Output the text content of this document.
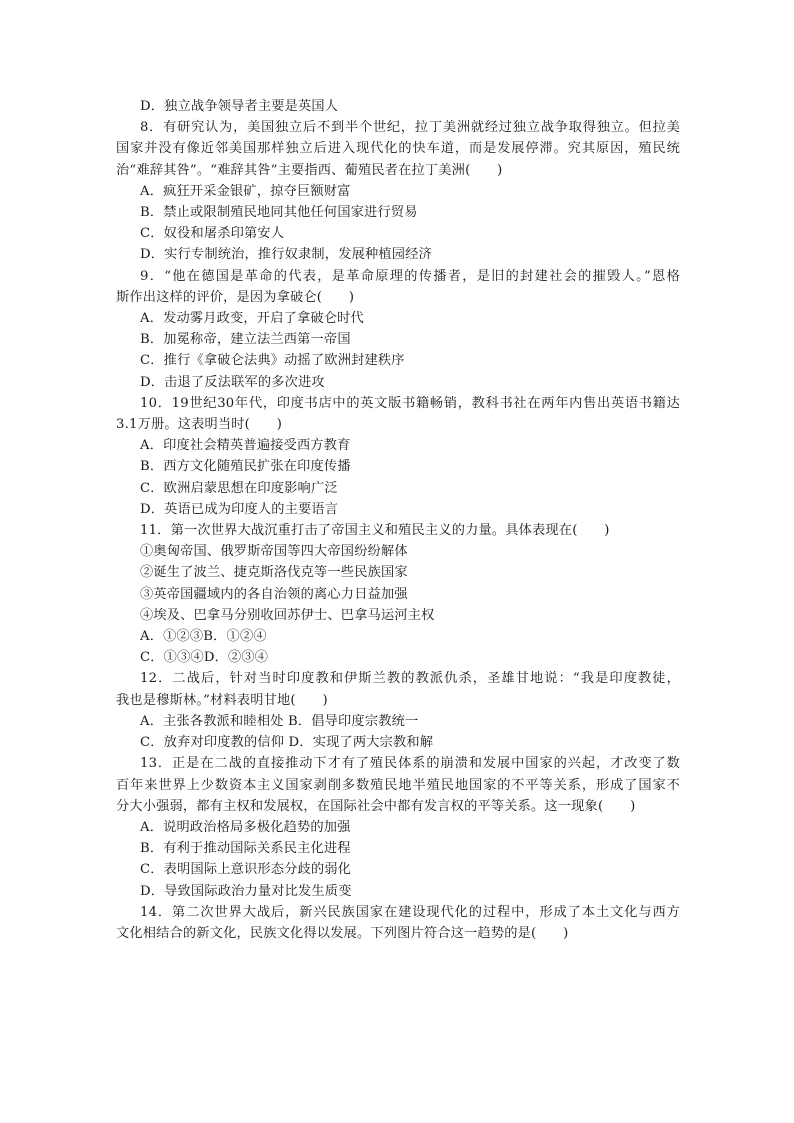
D．独立战争领导者主要是英国人
8．有研究认为，美国独立后不到半个世纪，拉丁美洲就经过独立战争取得独立。但拉美
国家并没有像近邻美国那样独立后进入现代化的快车道，而是发展停滞。究其原因，殖民统
治“难辞其咎”。“难辞其咎”主要指西、葡殖民者在拉丁美洲(　　)
A．疯狂开采金银矿，掠夺巨额财富
B．禁止或限制殖民地同其他任何国家进行贸易
C．奴役和屠杀印第安人
D．实行专制统治，推行奴隶制，发展种植园经济
9．“他在德国是革命的代表，是革命原理的传播者，是旧的封建社会的摧毁人。”恩格
斯作出这样的评价，是因为拿破仑(　　)
A．发动雾月政变，开启了拿破仑时代
B．加冕称帝，建立法兰西第一帝国
C．推行《拿破仑法典》动摇了欧洲封建秩序
D．击退了反法联军的多次进攻
10．19世纪30年代，印度书店中的英文版书籍畅销，教科书社在两年内售出英语书籍达
3.1万册。这表明当时(　　)
A．印度社会精英普遍接受西方教育
B．西方文化随殖民扩张在印度传播
C．欧洲启蒙思想在印度影响广泛
D．英语已成为印度人的主要语言
11．第一次世界大战沉重打击了帝国主义和殖民主义的力量。具体表现在(　　)
①奥匈帝国、俄罗斯帝国等四大帝国纷纷解体
②诞生了波兰、捷克斯洛伐克等一些民族国家
③英帝国疆域内的各自治领的离心力日益加强
④埃及、巴拿马分别收回苏伊士、巴拿马运河主权
A．①②③B．①②④
C．①③④D．②③④
12．二战后，针对当时印度教和伊斯兰教的教派仇杀，圣雄甘地说：“我是印度教徒，
我也是穆斯林。”材料表明甘地(　　)
A．主张各教派和睦相处 B．倡导印度宗教统一
C．放弃对印度教的信仰 D．实现了两大宗教和解
13．正是在二战的直接推动下才有了殖民体系的崩溃和发展中国家的兴起，才改变了数
百年来世界上少数资本主义国家剥削多数殖民地半殖民地国家的不平等关系，形成了国家不
分大小强弱，都有主权和发展权，在国际社会中都有发言权的平等关系。这一现象(　　)
A．说明政治格局多极化趋势的加强
B．有利于推动国际关系民主化进程
C．表明国际上意识形态分歧的弱化
D．导致国际政治力量对比发生质变
14．第二次世界大战后，新兴民族国家在建设现代化的过程中，形成了本土文化与西方
文化相结合的新文化，民族文化得以发展。下列图片符合这一趋势的是(　　)
